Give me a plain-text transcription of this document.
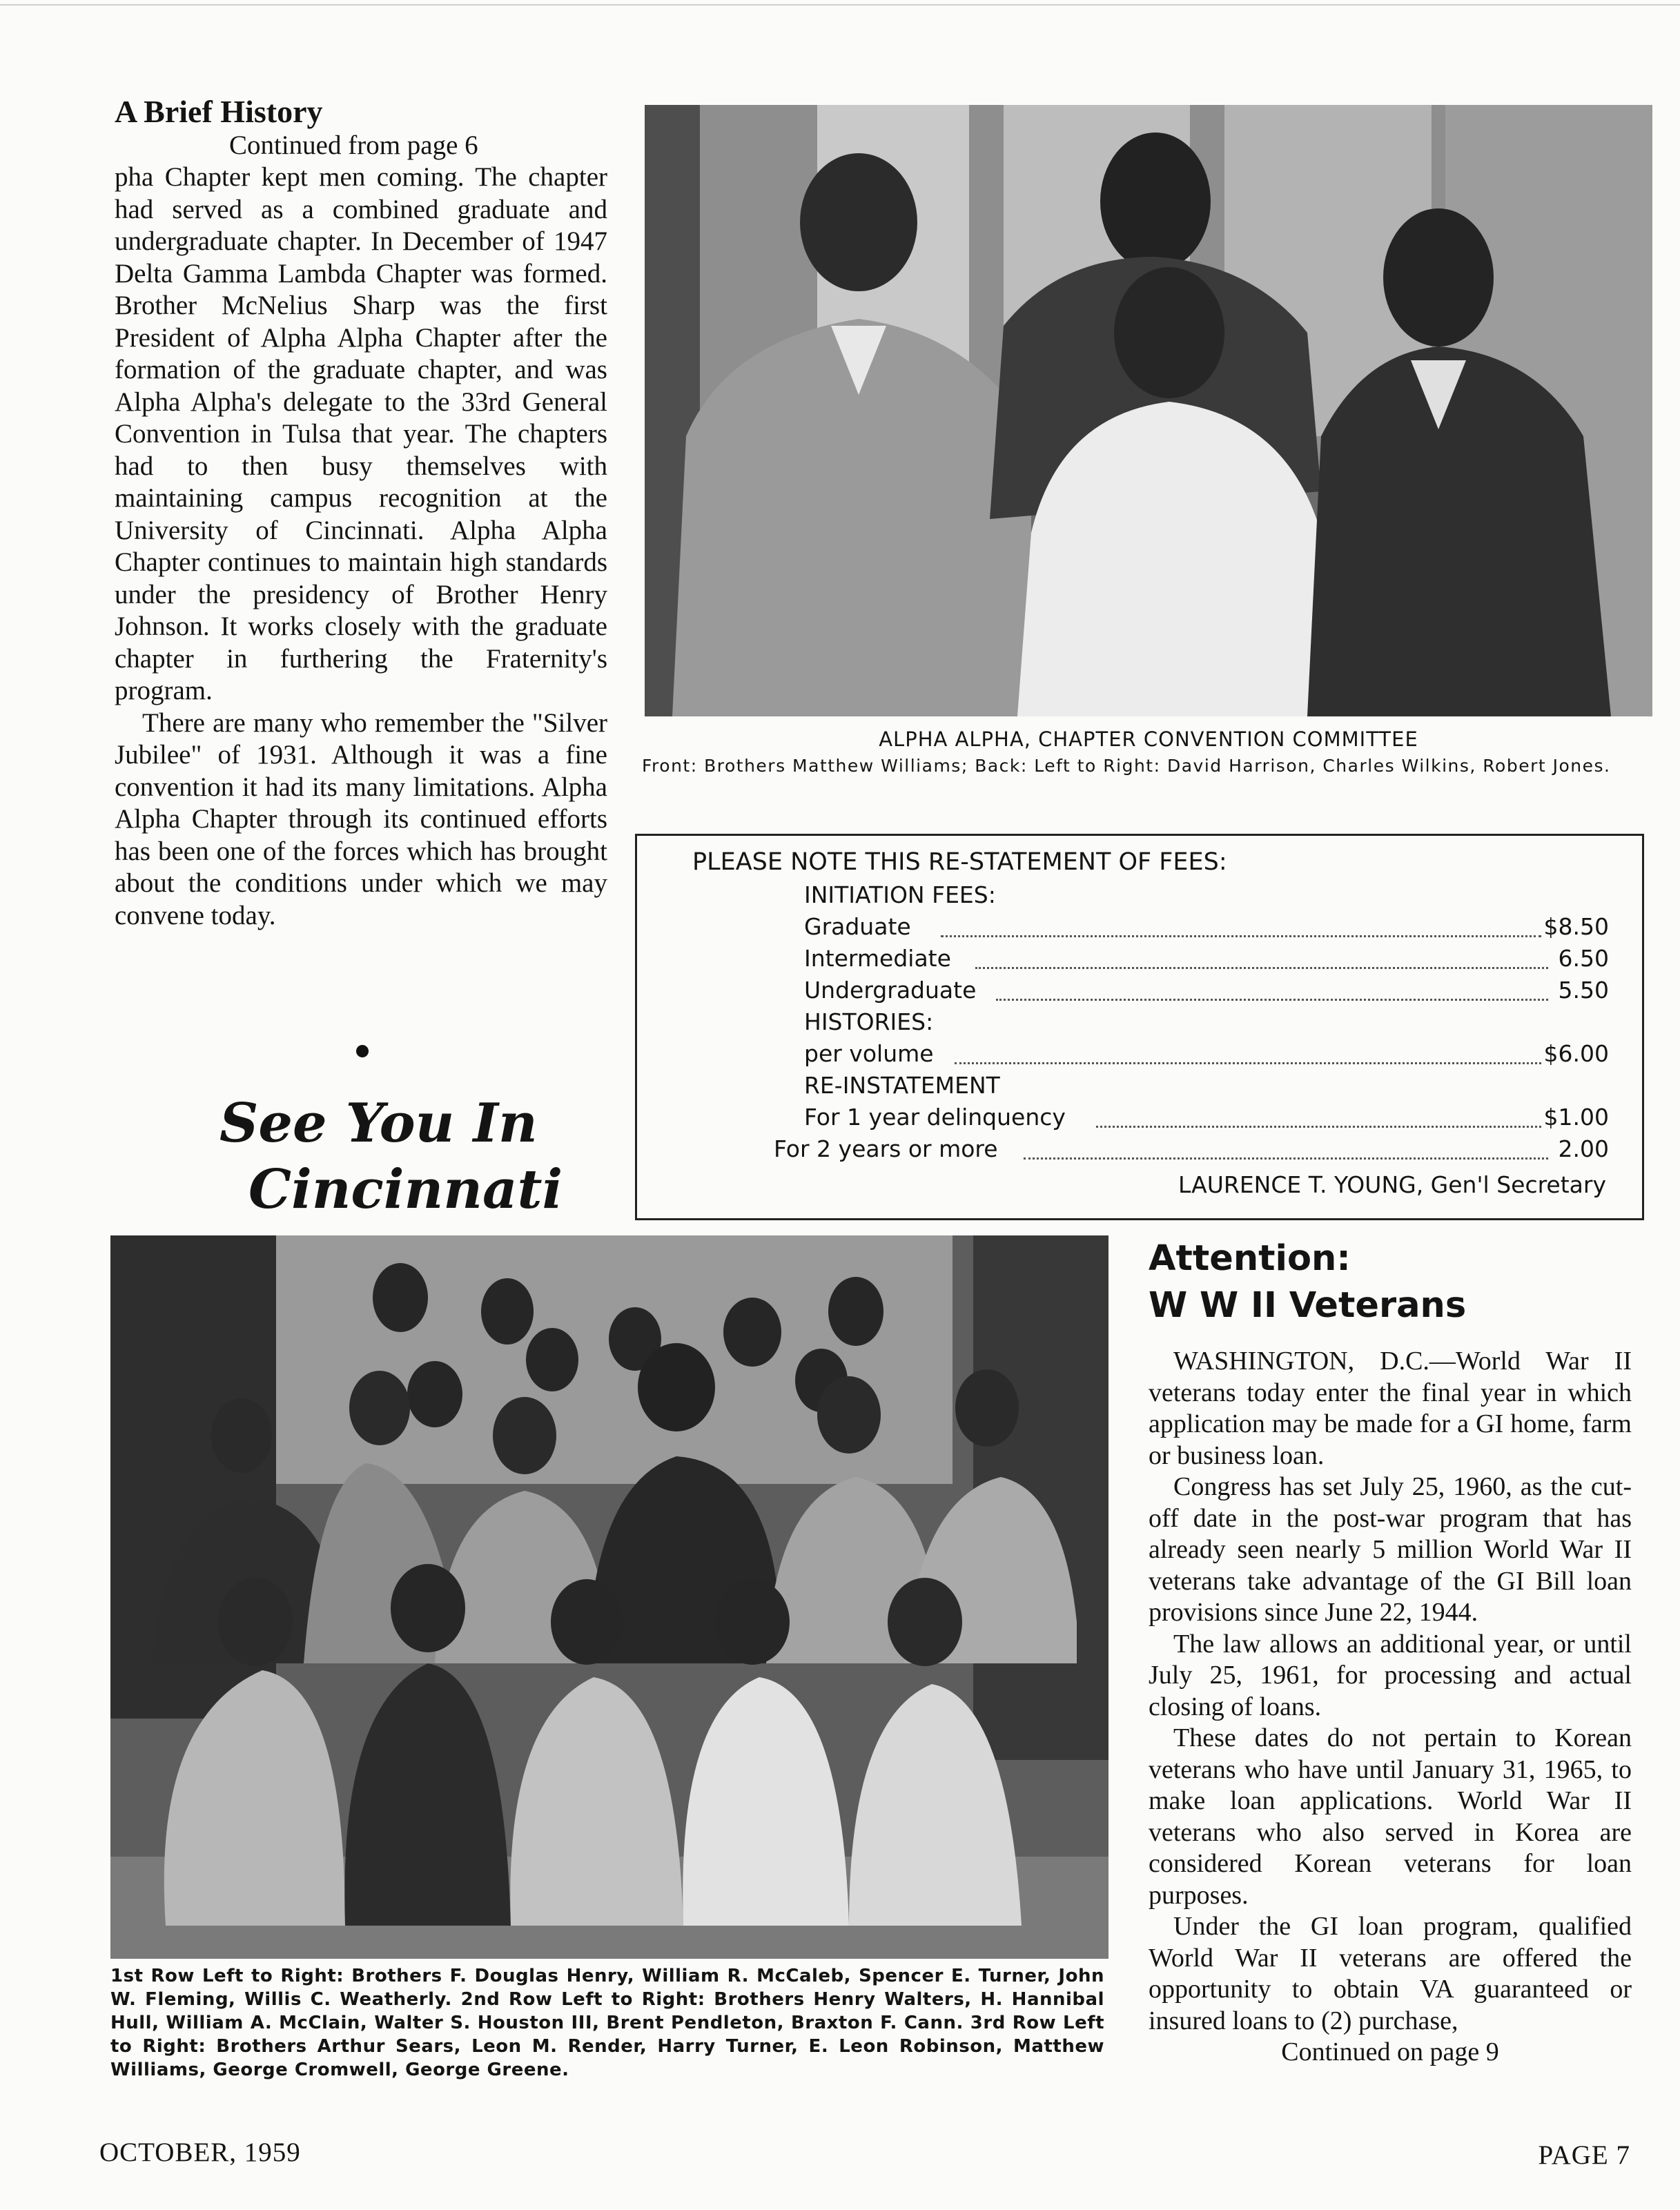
A Brief History
Continued from page 6

pha Chapter kept men coming. The chapter had served as a combined graduate and undergraduate chapter. In December of 1947 Delta Gamma Lambda Chapter was formed. Brother McNelius Sharp was the first President of Alpha Alpha Chapter after the formation of the graduate chapter, and was Alpha Alpha's delegate to the 33rd General Convention in Tulsa that year. The chapters had to then busy themselves with maintaining campus recognition at the University of Cincinnati. Alpha Alpha Chapter continues to maintain high standards under the presidency of Brother Henry Johnson. It works closely with the graduate chapter in furthering the Fraternity's program.

There are many who remember the "Silver Jubilee" of 1931. Although it was a fine convention it had its many limitations. Alpha Alpha Chapter through its continued efforts has been one of the forces which has brought about the conditions under which we may convene today.

See You In
Cincinnati
ALPHA ALPHA, CHAPTER CONVENTION COMMITTEE
Front: Brothers Matthew Williams; Back: Left to Right: David Harrison, Charles Wilkins, Robert Jones.
PLEASE NOTE THIS RE-STATEMENT OF FEES:
INITIATION FEES:
Graduate	$8.50
Intermediate	6.50
Undergraduate	5.50
HISTORIES:
per volume	$6.00
RE-INSTATEMENT
For 1 year delinquency	$1.00
For 2 years or more	2.00
LAURENCE T. YOUNG, Gen'l Secretary
1st Row Left to Right: Brothers F. Douglas Henry, William R. McCaleb, Spencer E. Turner, John W. Fleming, Willis C. Weatherly. 2nd Row Left to Right: Brothers Henry Walters, H. Hannibal Hull, William A. McClain, Walter S. Houston III, Brent Pendleton, Braxton F. Cann. 3rd Row Left to Right: Brothers Arthur Sears, Leon M. Render, Harry Turner, E. Leon Robinson, Matthew Williams, George Cromwell, George Greene.
Attention:
W W II Veterans

WASHINGTON, D.C.—World War II veterans today enter the final year in which application may be made for a GI home, farm or business loan.

Congress has set July 25, 1960, as the cut-off date in the post-war program that has already seen nearly 5 million World War II veterans take advantage of the GI Bill loan provisions since June 22, 1944.

The law allows an additional year, or until July 25, 1961, for processing and actual closing of loans.

These dates do not pertain to Korean veterans who have until January 31, 1965, to make loan applications. World War II veterans who also served in Korea are considered Korean veterans for loan purposes.

Under the GI loan program, qualified World War II veterans are offered the opportunity to obtain VA guaranteed or insured loans to (2) purchase,

Continued on page 9

OCTOBER, 1959	PAGE 7
